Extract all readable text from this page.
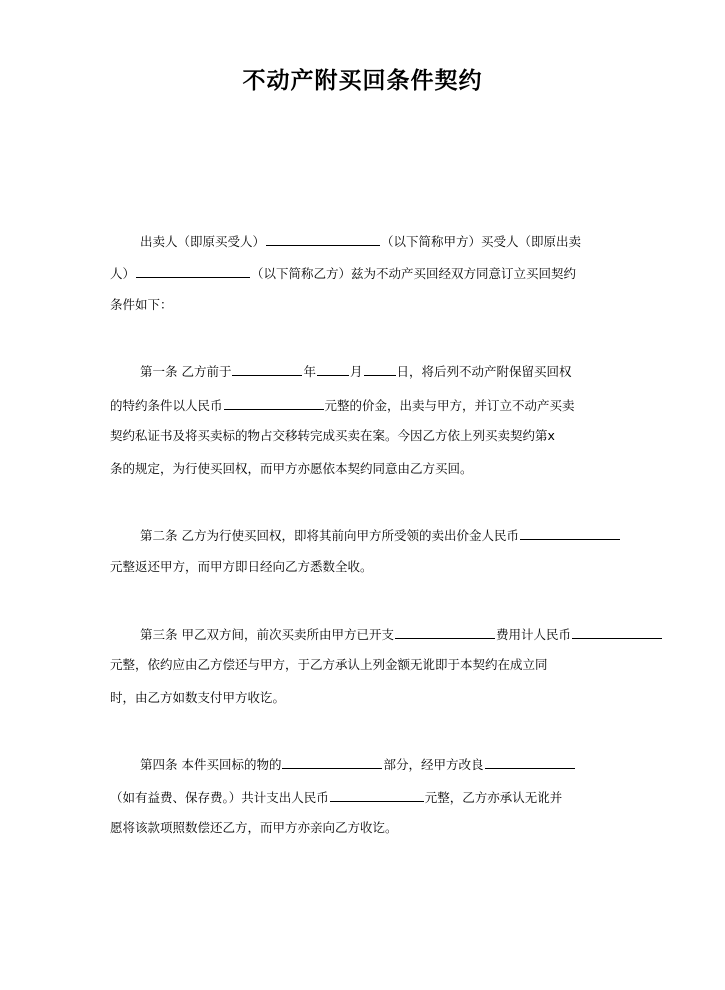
不动产附买回条件契约
出卖人（即原买受人）	（以下简称甲方）买受人（即原出卖
人）	（以下简称乙方）兹为不动产买回经双方同意订立买回契约
条件如下：
第一条 乙方前于	年	月	日，将后列不动产附保留买回权
的特约条件以人民币	元整的价金，出卖与甲方，并订立不动产买卖
契约私证书及将买卖标的物占交移转完成买卖在案。今因乙方依上列买卖契约第x
条的规定，为行使买回权，而甲方亦愿依本契约同意由乙方买回。
第二条 乙方为行使买回权，即将其前向甲方所受领的卖出价金人民币
元整返还甲方，而甲方即日经向乙方悉数全收。
第三条 甲乙双方间，前次买卖所由甲方已开支	费用计人民币
元整，依约应由乙方偿还与甲方，于乙方承认上列金额无讹即于本契约在成立同
时，由乙方如数支付甲方收讫。
第四条 本件买回标的物的	部分，经甲方改良
（如有益费、保存费。）共计支出人民币	元整，乙方亦承认无讹并
愿将该款项照数偿还乙方，而甲方亦亲向乙方收讫。
